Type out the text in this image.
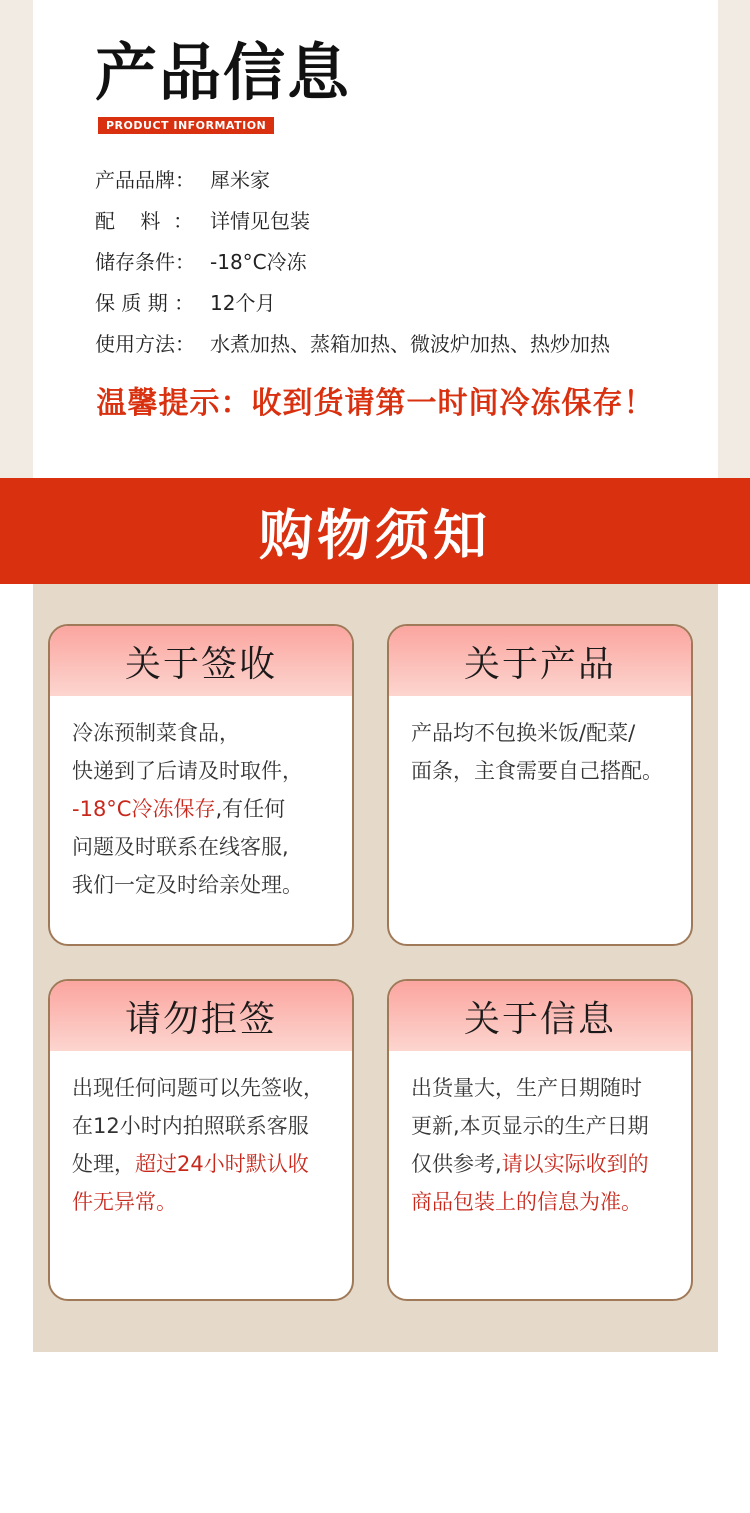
产品信息
PRODUCT INFORMATION
产品品牌： 犀米家
配    料  ： 详情见包装
储存条件： -18°C冷冻
保 质 期 ： 12个月
使用方法： 水煮加热、蒸箱加热、微波炉加热、热炒加热
温馨提示：收到货请第一时间冷冻保存！
购物须知
关于签收
冷冻预制菜食品，
快递到了后请及时取件，
-18°C冷冻保存,有任何
问题及时联系在线客服,
我们一定及时给亲处理。
关于产品
产品均不包换米饭/配菜/
面条，主食需要自己搭配。
请勿拒签
出现任何问题可以先签收，
在12小时内拍照联系客服
处理，超过24小时默认收
件无异常。
关于信息
出货量大，生产日期随时
更新,本页显示的生产日期
仅供参考,请以实际收到的
商品包装上的信息为准。
